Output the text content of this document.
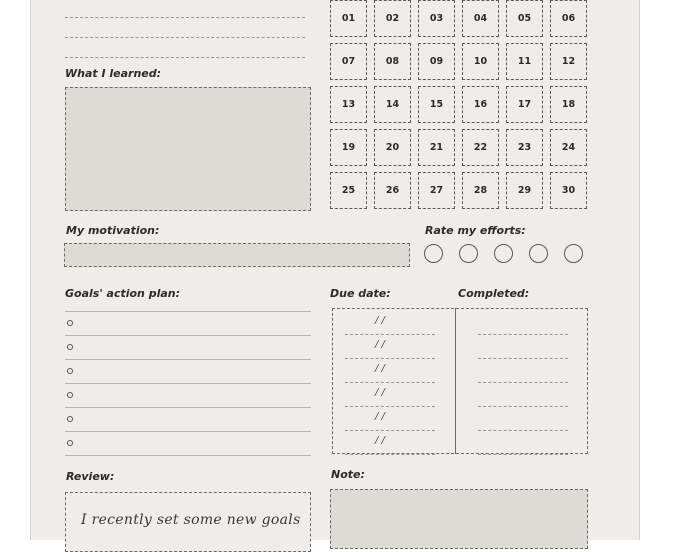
What I learned:
01	02	03	04	05	06
07	08	09	10	11	12
13	14	15	16	17	18
19	20	21	22	23	24
25	26	27	28	29	30
My motivation:	Rate my efforts:
Goals' action plan:	Due date:	Completed:
/ /
/ /
/ /
/ /
/ /
/ /
Review:
I recently set some new goals
Note:
